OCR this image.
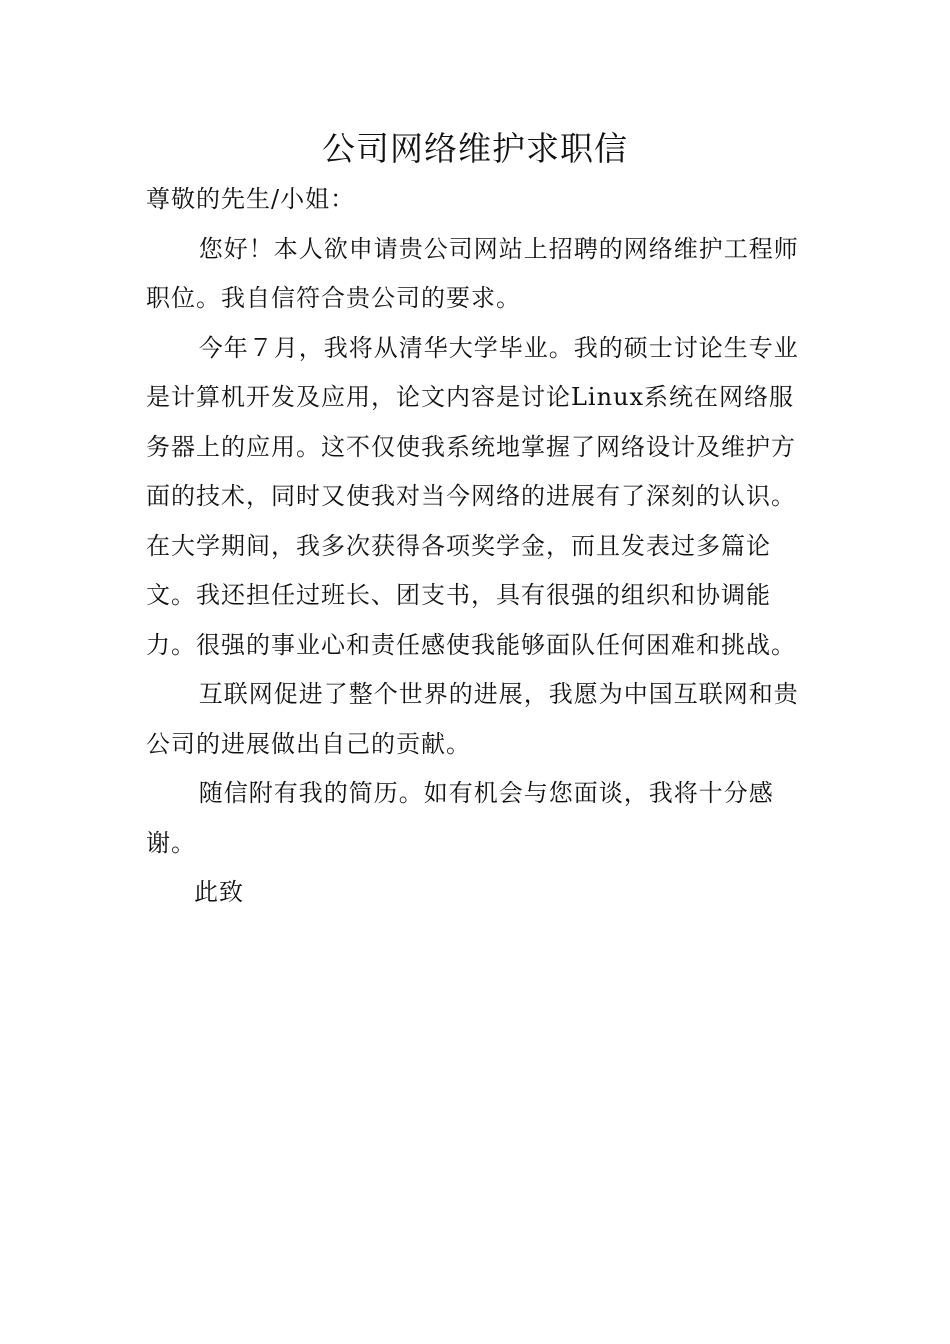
公司网络维护求职信

尊敬的先生/小姐：

您好！本人欲申请贵公司网站上招聘的网络维护工程师职位。我自信符合贵公司的要求。

今年７月，我将从清华大学毕业。我的硕士讨论生专业是计算机开发及应用，论文内容是讨论Linux系统在网络服务器上的应用。这不仅使我系统地掌握了网络设计及维护方面的技术，同时又使我对当今网络的进展有了深刻的认识。在大学期间，我多次获得各项奖学金，而且发表过多篇论文。我还担任过班长、团支书，具有很强的组织和协调能力。很强的事业心和责任感使我能够面队任何困难和挑战。

互联网促进了整个世界的进展，我愿为中国互联网和贵公司的进展做出自己的贡献。

随信附有我的简历。如有机会与您面谈，我将十分感谢。

此致
